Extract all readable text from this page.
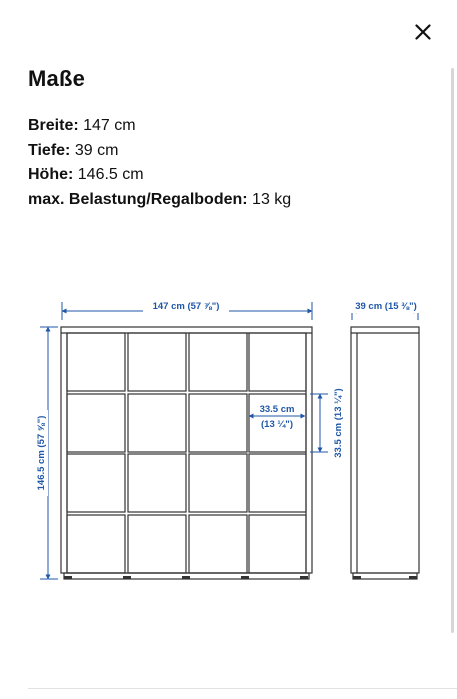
Maße
Breite: 147 cm
Tiefe: 39 cm
Höhe: 146.5 cm
max. Belastung/Regalboden: 13 kg
147 cm (57 ⅞")	39 cm (15 ⅜")
146.5 cm (57 ⅝")
33.5 cm
(13 ¼")	33.5 cm (13 ¼")
